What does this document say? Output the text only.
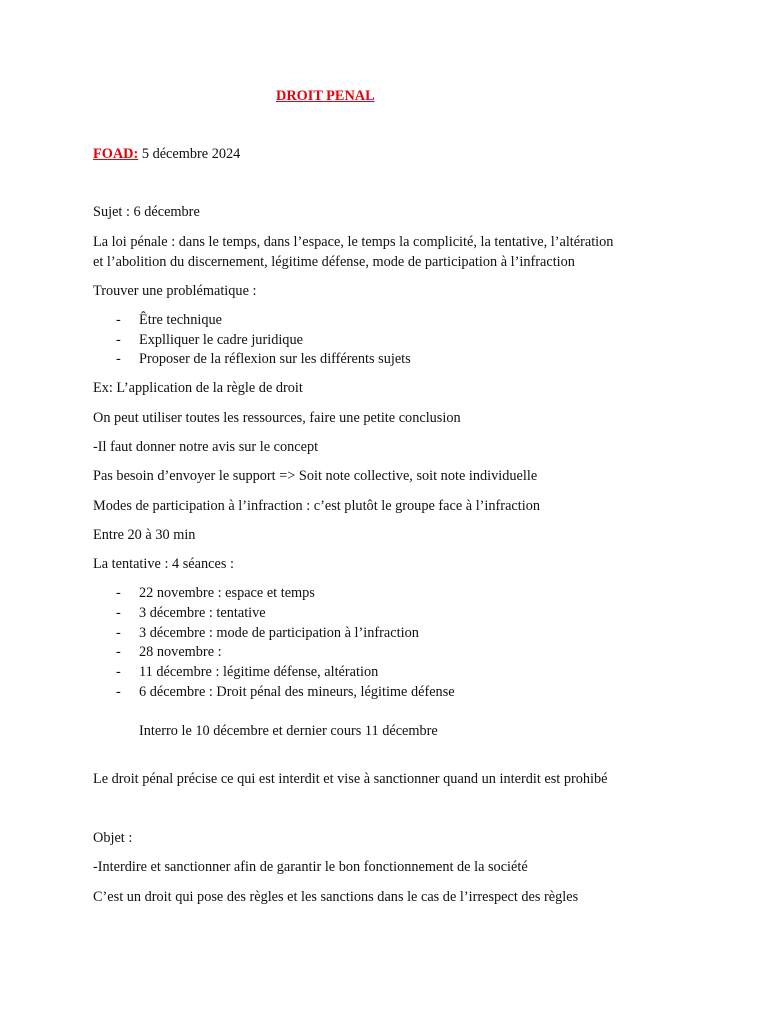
DROIT PENAL
FOAD: 5 décembre 2024
Sujet : 6 décembre
La loi pénale : dans le temps, dans l’espace, le temps la complicité, la tentative, l’altération
et l’abolition du discernement, légitime défense, mode de participation à l’infraction
Trouver une problématique :
- Être technique
- Explliquer le cadre juridique
- Proposer de la réflexion sur les différents sujets
Ex: L’application de la règle de droit
On peut utiliser toutes les ressources, faire une petite conclusion
-Il faut donner notre avis sur le concept
Pas besoin d’envoyer le support => Soit note collective, soit note individuelle
Modes de participation à l’infraction : c’est plutôt le groupe face à l’infraction
Entre 20 à 30 min
La tentative : 4 séances :
- 22 novembre : espace et temps
- 3 décembre : tentative
- 3 décembre : mode de participation à l’infraction
- 28 novembre :
- 11 décembre : légitime défense, altération
- 6 décembre : Droit pénal des mineurs, légitime défense
Interro le 10 décembre et dernier cours 11 décembre
Le droit pénal précise ce qui est interdit et vise à sanctionner quand un interdit est prohibé
Objet :
-Interdire et sanctionner afin de garantir le bon fonctionnement de la société
C’est un droit qui pose des règles et les sanctions dans le cas de l’irrespect des règles
